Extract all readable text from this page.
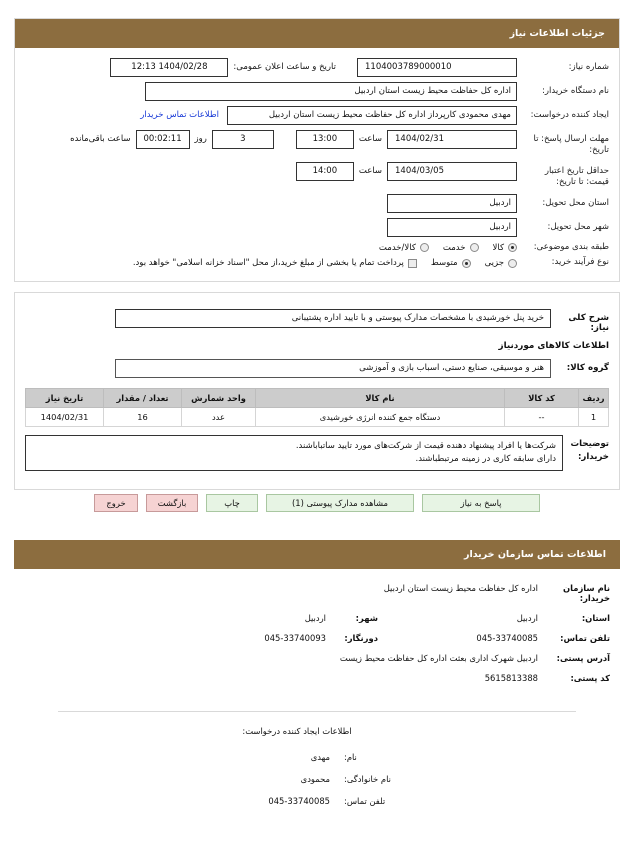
جزئیات اطلاعات نیاز
شماره نیاز:
1104003789000010
تاریخ و ساعت اعلان عمومی:
1404/02/28 12:13
نام دستگاه خریدار:
اداره کل حفاظت محیط زیست استان اردبیل
ایجاد کننده درخواست:
مهدی محمودی کارپرداز اداره کل حفاظت محیط زیست استان اردبیل
اطلاعات تماس خریدار
مهلت ارسال پاسخ: تا تاریخ:
1404/02/31
ساعت
13:00
3
روز
00:02:11
ساعت باقی‌مانده
حداقل تاریخ اعتبار قیمت: تا تاریخ:
1404/03/05
ساعت
14:00
استان محل تحویل:
اردبیل
شهر محل تحویل:
اردبیل
طبقه بندی موضوعی:
کالا
خدمت
کالا/خدمت
نوع فرآیند خرید:
جزیی
متوسط
پرداخت تمام یا بخشی از مبلغ خرید،از محل "اسناد خزانه اسلامی" خواهد بود.
شرح کلی نیاز:
خرید پنل خورشیدی با مشخصات مدارک پیوستی و با تایید اداره پشتیبانی
اطلاعات کالاهای موردنیاز
گروه کالا:
هنر و موسیقی، صنایع دستی، اسباب بازی و آموزشی
ردیف	کد کالا	نام کالا	واحد شمارش	تعداد / مقدار	تاریخ نیاز
1	--	دستگاه جمع کننده انرژی خورشیدی	عدد	16	1404/02/31
توضیحات خریدار:
شرکت‌ها یا افراد پیشنهاد دهنده قیمت از شرکت‌های مورد تایید ساتباباشند.
دارای سابقه کاری در زمینه مرتبطباشند.
پاسخ به نیاز
مشاهده مدارک پیوستی (1)
چاپ
بازگشت
خروج
اطلاعات تماس سازمان خریدار
نام سازمان خریدار:
اداره کل حفاظت محیط زیست استان اردبیل
استان:
اردبیل
شهر:
اردبیل
تلفن تماس:
045-33740085
دورنگار:
045-33740093
آدرس پستی:
اردبیل شهرک اداری بعثت اداره کل حفاظت محیط زیست
کد پستی:
5615813388
اطلاعات ایجاد کننده درخواست:
نام:
مهدی
نام خانوادگی:
محمودی
تلفن تماس:
045-33740085
